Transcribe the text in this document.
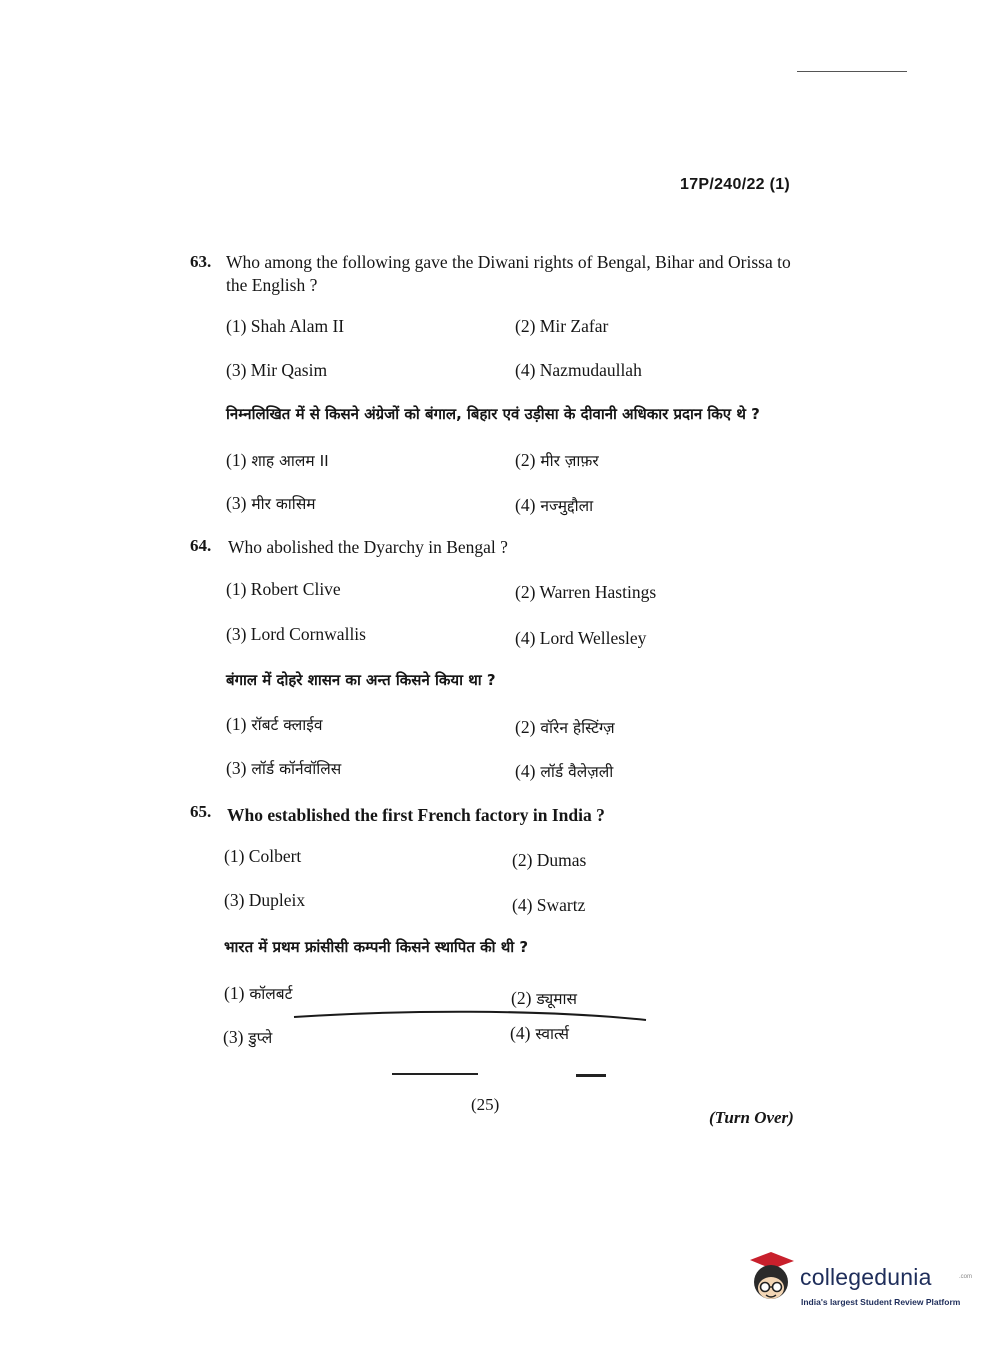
17P/240/22 (1)
63. Who among the following gave the Diwani rights of Bengal, Bihar and Orissa to the English ?
(1) Shah Alam II	(2) Mir Zafar
(3) Mir Qasim	(4) Nazmudaullah
निम्नलिखित में से किसने अंग्रेजों को बंगाल, बिहार एवं उड़ीसा के दीवानी अधिकार प्रदान किए थे ?
(1) शाह आलम II	(2) मीर ज़ाफ़र
(3) मीर कासिम	(4) नज्मुद्दौला
64. Who abolished the Dyarchy in Bengal ?
(1) Robert Clive	(2) Warren Hastings
(3) Lord Cornwallis	(4) Lord Wellesley
बंगाल में दोहरे शासन का अन्त किसने किया था ?
(1) रॉबर्ट क्लाईव	(2) वॉरेन हेस्टिंग्ज़
(3) लॉर्ड कॉर्नवॉलिस	(4) लॉर्ड वैलेज़ली
65. Who established the first French factory in India ?
(1) Colbert	(2) Dumas
(3) Dupleix	(4) Swartz
भारत में प्रथम फ्रांसीसी कम्पनी किसने स्थापित की थी ?
(1) कॉलबर्ट	(2) ड्यूमास
(3) डुप्ले	(4) स्वार्त्स
(25)
(Turn Over)
collegedunia	.com
India's largest Student Review Platform
